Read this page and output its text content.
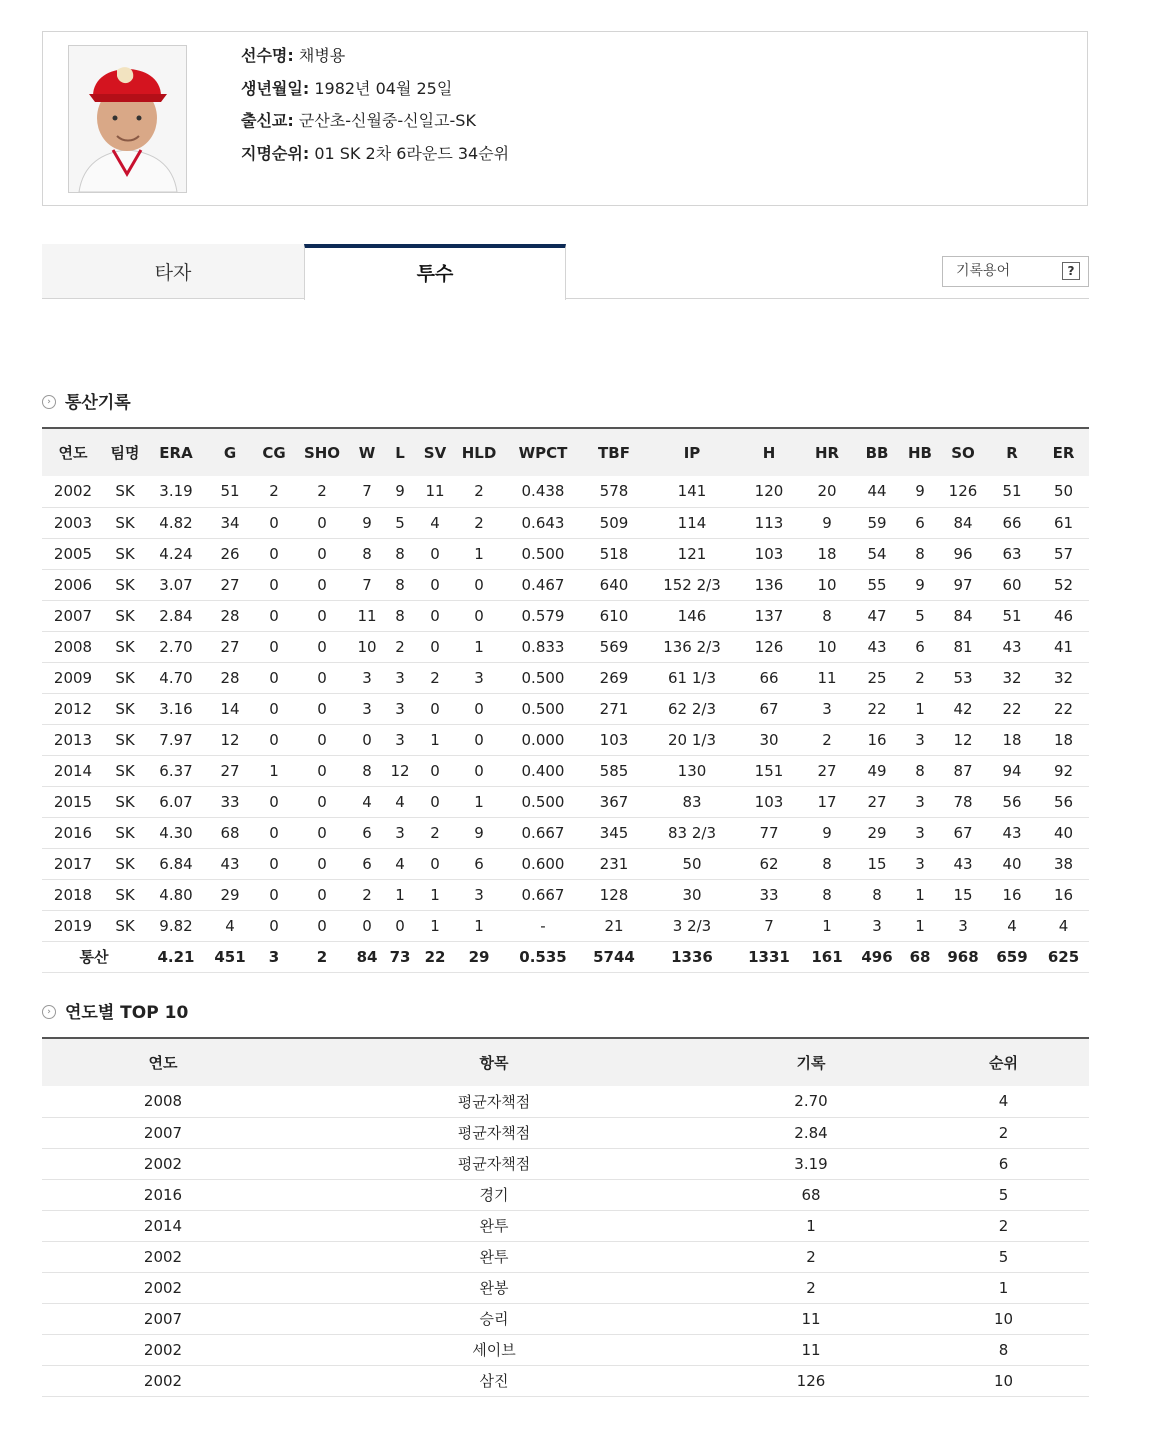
선수명: 채병용
생년월일: 1982년 04월 25일
출신교: 군산초-신월중-신일고-SK
지명순위: 01 SK 2차 6라운드 34순위
타자	투수	기록용어	?
› 통산기록
연도	팀명	ERA	G	CG	SHO	W	L	SV	HLD	WPCT	TBF	IP	H	HR	BB	HB	SO	R	ER
2002	SK	3.19	51	2	2	7	9	11	2	0.438	578	141	120	20	44	9	126	51	50
2003	SK	4.82	34	0	0	9	5	4	2	0.643	509	114	113	9	59	6	84	66	61
2005	SK	4.24	26	0	0	8	8	0	1	0.500	518	121	103	18	54	8	96	63	57
2006	SK	3.07	27	0	0	7	8	0	0	0.467	640	152 2/3	136	10	55	9	97	60	52
2007	SK	2.84	28	0	0	11	8	0	0	0.579	610	146	137	8	47	5	84	51	46
2008	SK	2.70	27	0	0	10	2	0	1	0.833	569	136 2/3	126	10	43	6	81	43	41
2009	SK	4.70	28	0	0	3	3	2	3	0.500	269	61 1/3	66	11	25	2	53	32	32
2012	SK	3.16	14	0	0	3	3	0	0	0.500	271	62 2/3	67	3	22	1	42	22	22
2013	SK	7.97	12	0	0	0	3	1	0	0.000	103	20 1/3	30	2	16	3	12	18	18
2014	SK	6.37	27	1	0	8	12	0	0	0.400	585	130	151	27	49	8	87	94	92
2015	SK	6.07	33	0	0	4	4	0	1	0.500	367	83	103	17	27	3	78	56	56
2016	SK	4.30	68	0	0	6	3	2	9	0.667	345	83 2/3	77	9	29	3	67	43	40
2017	SK	6.84	43	0	0	6	4	0	6	0.600	231	50	62	8	15	3	43	40	38
2018	SK	4.80	29	0	0	2	1	1	3	0.667	128	30	33	8	8	1	15	16	16
2019	SK	9.82	4	0	0	0	0	1	1	-	21	3 2/3	7	1	3	1	3	4	4
통산		4.21	451	3	2	84	73	22	29	0.535	5744	1336	1331	161	496	68	968	659	625
› 연도별 TOP 10
연도	항목	기록	순위
2008	평균자책점	2.70	4
2007	평균자책점	2.84	2
2002	평균자책점	3.19	6
2016	경기	68	5
2014	완투	1	2
2002	완투	2	5
2002	완봉	2	1
2007	승리	11	10
2002	세이브	11	8
2002	삼진	126	10
